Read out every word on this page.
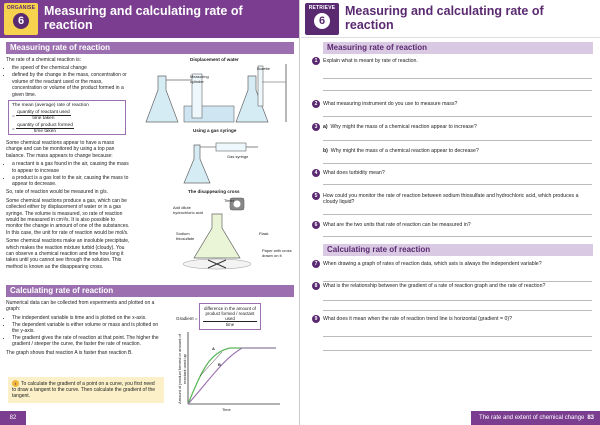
ORGANISE
6
Measuring and calculating rate of reaction
Measuring rate of reaction

The rate of a chemical reaction is:

• the speed of the chemical change
• defined by the change in the mass, concentration or volume of the reactant used or the mass, concentration or volume of the product formed in a given time.
The mean (average) rate of reaction
= $\frac{\text{quantity of reactant used}}{\text{time taken}}$
= $\frac{\text{quantity of product formed}}{\text{time taken}}$

Some chemical reactions appear to have a mass change and can be monitored by using a top pan balance. The mass appears to change because:

• a reactant is a gas found in the air, causing the mass to appear to increase
• a product is a gas lost to the air, causing the mass to appear to decrease.

So, rate of reaction would be measured in g/s.

Some chemical reactions produce a gas, which can be collected either by displacement of water or in a gas syringe. The volume is measured, so rate of reaction would be measured in cm³/s. It is also possible to monitor the change in amount of one of the substances. In this case, the unit for rate of reaction would be mol/s.

Some chemical reactions make an insoluble precipitate, which makes the reaction mixture turbid (cloudy). You can observe a chemical reaction and time how long it takes until you cannot see through the solution. This method is known as the disappearing cross.

Displacement of water
Measuring cylinder
Burette
Using a gas syringe
Gas syringe
The disappearing cross
Timer
Add dilute hydrochloric acid
Flask
Sodium thiosulfate
Paper with cross drawn on it
Calculating rate of reaction

Numerical data can be collected from experiments and plotted on a graph:

• The independent variable is time and is plotted on the x-axis.
• The dependent variable is either volume or mass and is plotted on the y-axis.
• The gradient gives the rate of reaction at that point. The higher the gradient / steeper the curve, the faster the rate of reaction.

The graph shows that reaction A is faster than reaction B.

i To calculate the gradient of a point on a curve, you first need to draw a tangent to the curve. Then calculate the gradient of the tangent.
Gradient =
difference in the amount of product formed / reactant used
time
A
B
Amount of product formed or amount of reactant used up
Time
82
RETRIEVE
6
Measuring and calculating rate of reaction
Measuring rate of reaction
1	Explain what is meant by rate of reaction.
2	What measuring instrument do you use to measure mass?
3	a) Why might the mass of a chemical reaction appear to increase?
b) Why might the mass of a chemical reaction appear to decrease?
4	What does turbidity mean?
5	How could you monitor the rate of reaction between sodium thiosulfate and hydrochloric acid, which produces a cloudy liquid?
6	What are the two units that rate of reaction can be measured in?
Calculating rate of reaction
7	When drawing a graph of rates of reaction data, which axis is always the independent variable?
8	What is the relationship between the gradient of a rate of reaction graph and the rate of reaction?
9	What does it mean when the rate of reaction trend line is horizontal (gradient = 0)?
The rate and extent of chemical change 83
